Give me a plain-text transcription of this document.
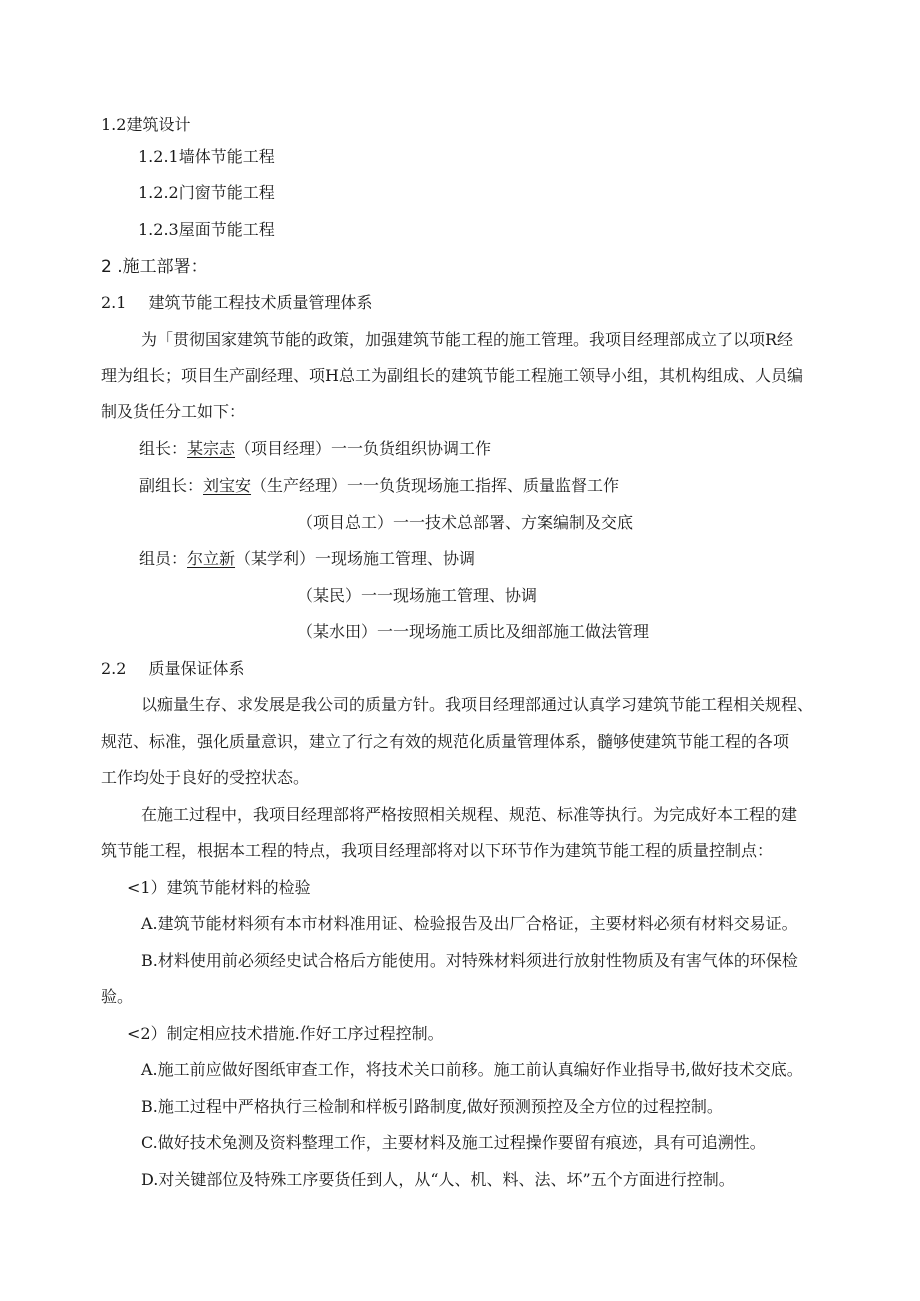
1.2建筑设计
1.2.1墙体节能工程
1.2.2门窗节能工程
1.2.3屋面节能工程
2 .施工部署：
2.1 建筑节能工程技术质量管理体系
为「贯彻国家建筑节能的政策，加强建筑节能工程的施工管理。我项目经理部成立了以项R经
理为组长；项目生产副经理、项H总工为副组长的建筑节能工程施工领导小组，其机构组成、人员编
制及货任分工如下：
组长：某宗志（项目经理）一一负货组织协调工作
副组长：刘宝安（生产经理）一一负货现场施工指挥、质量监督工作
（项目总工）一一技术总部署、方案编制及交底
组员：尔立新（某学利）一现场施工管理、协调
（某民）一一现场施工管理、协调
（某水田）一一现场施工质比及细部施工做法管理
2.2 质量保证体系
以痂量生存、求发展是我公司的质量方针。我项目经理部通过认真学习建筑节能工程相关规程、
规范、标准，强化质量意识，建立了行之有效的规范化质量管理体系，髓够使建筑节能工程的各项
工作均处于良好的受控状态。
在施工过程中，我项目经理部将严格按照相关规程、规范、标准等执行。为完成好本工程的建
筑节能工程，根据本工程的特点，我项目经理部将对以下环节作为建筑节能工程的质量控制点：
<1）建筑节能材料的检验
A.建筑节能材料须有本市材料准用证、检验报告及出厂合格证，主要材料必须有材料交易证。
B.材料使用前必须经史试合格后方能使用。对特殊材料须进行放射性物质及有害气体的环保检
验。
<2）制定相应技术措施.作好工序过程控制。
A.施工前应做好图纸审查工作，将技术关口前移。施工前认真编好作业指导书,做好技术交底。
B.施工过程中严格执行三检制和样板引路制度,做好预测预控及全方位的过程控制。
C.做好技术兔测及资料整理工作，主要材料及施工过程操作要留有痕迹，具有可追溯性。
D.对关键部位及特殊工序要货任到人，从“人、机、料、法、坏”五个方面进行控制。
